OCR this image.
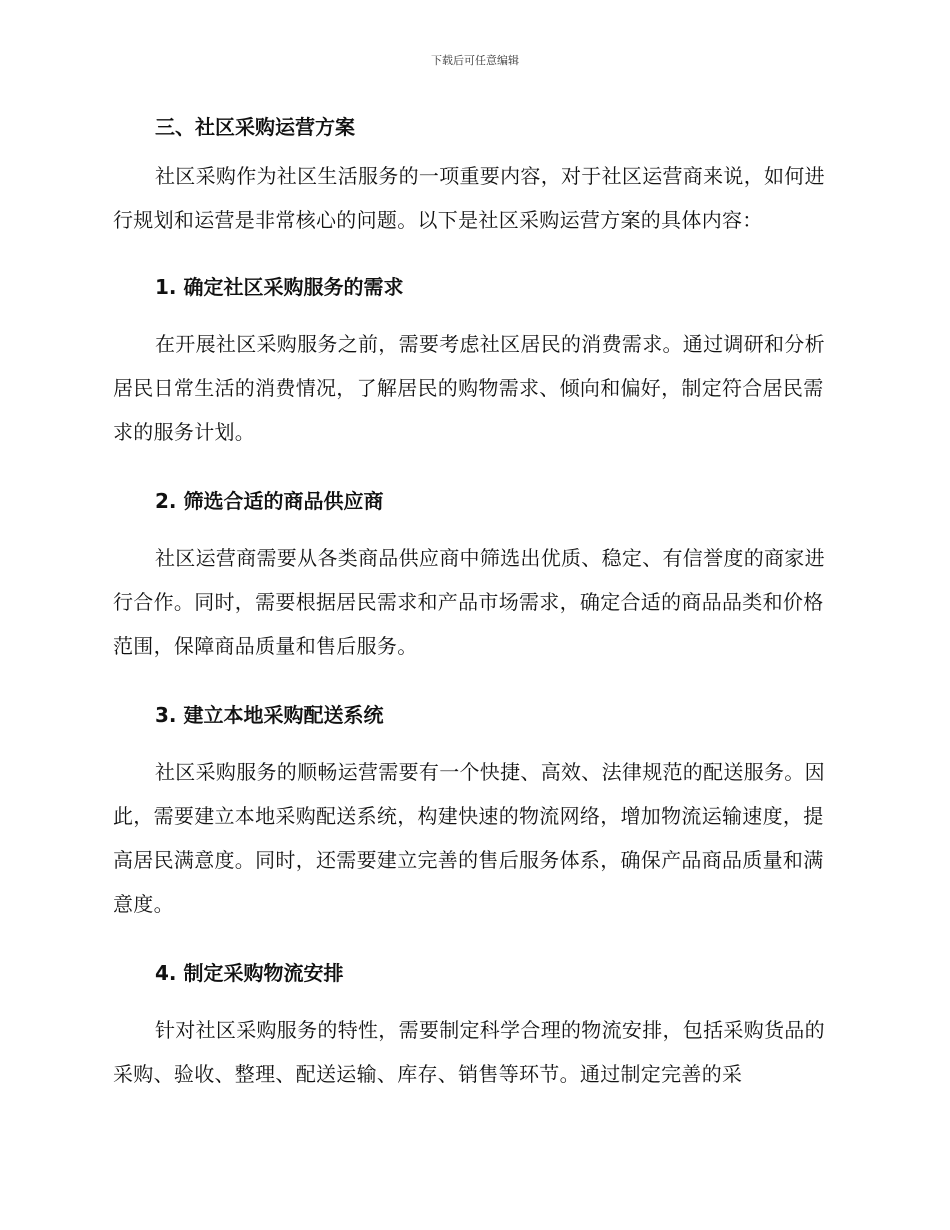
下载后可任意编辑
三、社区采购运营方案

社区采购作为社区生活服务的一项重要内容，对于社区运营商来说，如何进行规划和运营是非常核心的问题。以下是社区采购运营方案的具体内容：

1. 确定社区采购服务的需求

在开展社区采购服务之前，需要考虑社区居民的消费需求。通过调研和分析居民日常生活的消费情况，了解居民的购物需求、倾向和偏好，制定符合居民需求的服务计划。

2. 筛选合适的商品供应商

社区运营商需要从各类商品供应商中筛选出优质、稳定、有信誉度的商家进行合作。同时，需要根据居民需求和产品市场需求，确定合适的商品品类和价格范围，保障商品质量和售后服务。

3. 建立本地采购配送系统

社区采购服务的顺畅运营需要有一个快捷、高效、法律规范的配送服务。因此，需要建立本地采购配送系统，构建快速的物流网络，增加物流运输速度，提高居民满意度。同时，还需要建立完善的售后服务体系，确保产品商品质量和满意度。

4. 制定采购物流安排

针对社区采购服务的特性，需要制定科学合理的物流安排，包括采购货品的采购、验收、整理、配送运输、库存、销售等环节。通过制定完善的采
